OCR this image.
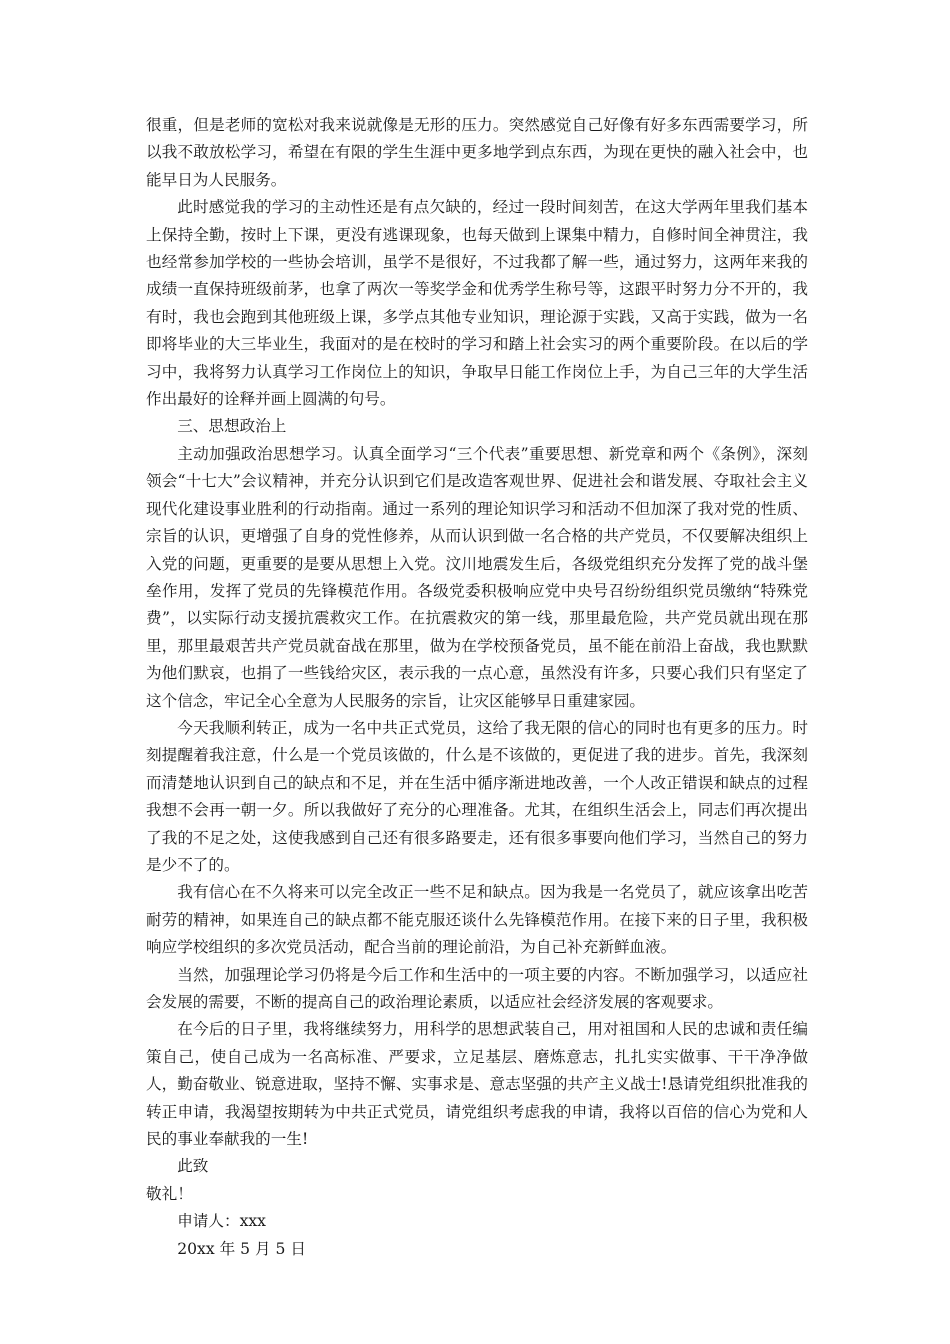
很重，但是老师的宽松对我来说就像是无形的压力。突然感觉自己好像有好多东西需要学习，所以我不敢放松学习，希望在有限的学生生涯中更多地学到点东西，为现在更快的融入社会中，也能早日为人民服务。

此时感觉我的学习的主动性还是有点欠缺的，经过一段时间刻苦，在这大学两年里我们基本上保持全勤，按时上下课，更没有逃课现象，也每天做到上课集中精力，自修时间全神贯注，我也经常参加学校的一些协会培训，虽学不是很好，不过我都了解一些，通过努力，这两年来我的成绩一直保持班级前茅，也拿了两次一等奖学金和优秀学生称号等，这跟平时努力分不开的，我有时，我也会跑到其他班级上课，多学点其他专业知识，理论源于实践，又高于实践，做为一名即将毕业的大三毕业生，我面对的是在校时的学习和踏上社会实习的两个重要阶段。在以后的学习中，我将努力认真学习工作岗位上的知识，争取早日能工作岗位上手，为自己三年的大学生活作出最好的诠释并画上圆满的句号。

三、思想政治上

主动加强政治思想学习。认真全面学习“三个代表”重要思想、新党章和两个《条例》，深刻领会“十七大”会议精神，并充分认识到它们是改造客观世界、促进社会和谐发展、夺取社会主义现代化建设事业胜利的行动指南。通过一系列的理论知识学习和活动不但加深了我对党的性质、宗旨的认识，更增强了自身的党性修养，从而认识到做一名合格的共产党员，不仅要解决组织上入党的问题，更重要的是要从思想上入党。汶川地震发生后，各级党组织充分发挥了党的战斗堡垒作用，发挥了党员的先锋模范作用。各级党委积极响应党中央号召纷纷组织党员缴纳“特殊党费”，以实际行动支援抗震救灾工作。在抗震救灾的第一线，那里最危险，共产党员就出现在那里，那里最艰苦共产党员就奋战在那里，做为在学校预备党员，虽不能在前沿上奋战，我也默默为他们默哀，也捐了一些钱给灾区，表示我的一点心意，虽然没有许多，只要心我们只有坚定了这个信念，牢记全心全意为人民服务的宗旨，让灾区能够早日重建家园。

今天我顺利转正，成为一名中共正式党员，这给了我无限的信心的同时也有更多的压力。时刻提醒着我注意，什么是一个党员该做的，什么是不该做的，更促进了我的进步。首先，我深刻而清楚地认识到自己的缺点和不足，并在生活中循序渐进地改善，一个人改正错误和缺点的过程我想不会再一朝一夕。所以我做好了充分的心理准备。尤其，在组织生活会上，同志们再次提出了我的不足之处，这使我感到自己还有很多路要走，还有很多事要向他们学习，当然自己的努力是少不了的。

我有信心在不久将来可以完全改正一些不足和缺点。因为我是一名党员了，就应该拿出吃苦耐劳的精神，如果连自己的缺点都不能克服还谈什么先锋模范作用。在接下来的日子里，我积极响应学校组织的多次党员活动，配合当前的理论前沿，为自己补充新鲜血液。

当然，加强理论学习仍将是今后工作和生活中的一项主要的内容。不断加强学习，以适应社会发展的需要，不断的提高自己的政治理论素质，以适应社会经济发展的客观要求。

在今后的日子里，我将继续努力，用科学的思想武装自己，用对祖国和人民的忠诚和责任编策自己，使自己成为一名高标准、严要求，立足基层、磨炼意志，扎扎实实做事、干干净净做人，勤奋敬业、锐意进取，坚持不懈、实事求是、意志坚强的共产主义战士!恳请党组织批准我的转正申请，我渴望按期转为中共正式党员，请党组织考虑我的申请，我将以百倍的信心为党和人民的事业奉献我的一生!

此致

敬礼！

申请人：xxx

20xx 年 5 月 5 日
